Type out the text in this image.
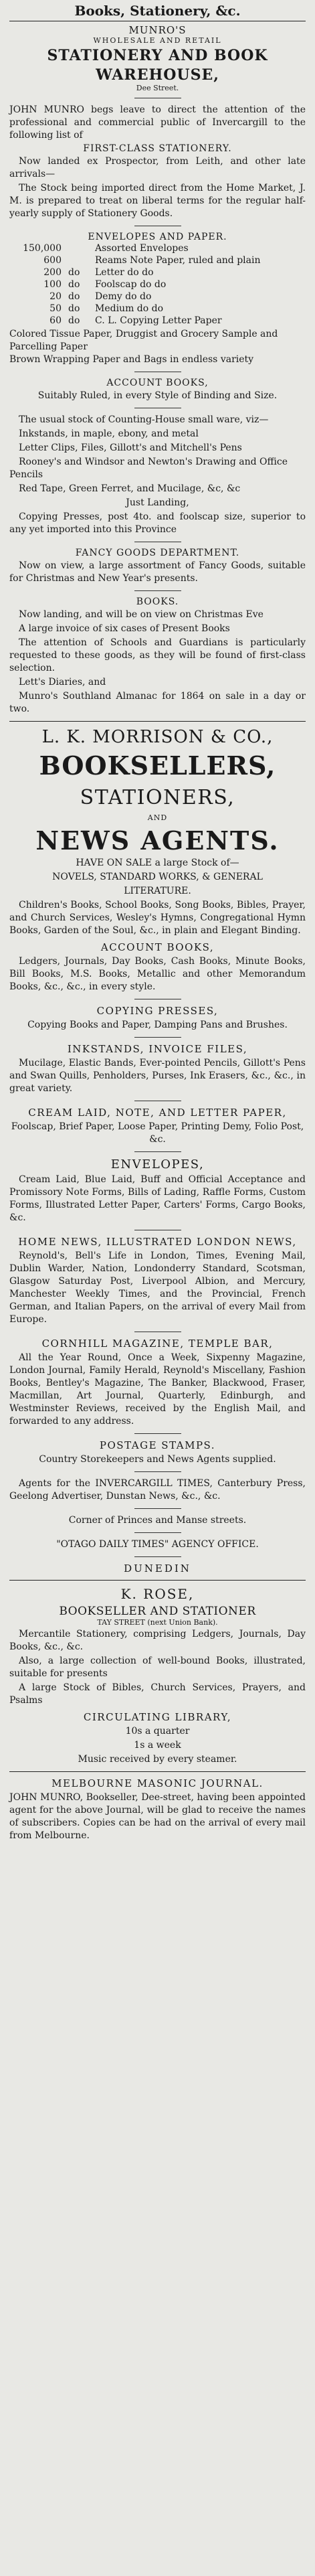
Books, Stationery, &c.
MUNRO'S
WHOLESALE AND RETAIL
STATIONERY AND BOOK
WAREHOUSE,
Dee Street.

JOHN MUNRO begs leave to direct the attention of the professional and commercial public of Invercargill to the following list of

FIRST-CLASS STATIONERY.

Now landed ex Prospector, from Leith, and other late arrivals—

The Stock being imported direct from the Home Market, J. M. is prepared to treat on liberal terms for the regular half-yearly supply of Stationery Goods.

ENVELOPES AND PAPER.
150,000	Assorted Envelopes
600	Reams Note Paper, ruled and plain
200 do	Letter do do
100 do	Foolscap do do
20 do	Demy do do
50 do	Medium do do
60 do	C. L. Copying Letter Paper

Colored Tissue Paper, Druggist and Grocery Sample and Parcelling Paper
Brown Wrapping Paper and Bags in endless variety

ACCOUNT BOOKS,

Suitably Ruled, in every Style of Binding and Size.

The usual stock of Counting-House small ware, viz—

Inkstands, in maple, ebony, and metal

Letter Clips, Files, Gillott's and Mitchell's Pens

Rooney's and Windsor and Newton's Drawing and Office Pencils

Red Tape, Green Ferret, and Mucilage, &c, &c

Just Landing,

Copying Presses, post 4to. and foolscap size, superior to any yet imported into this Province

FANCY GOODS DEPARTMENT.

Now on view, a large assortment of Fancy Goods, suitable for Christmas and New Year's presents.

BOOKS.

Now landing, and will be on view on Christmas Eve

A large invoice of six cases of Present Books

The attention of Schools and Guardians is particularly requested to these goods, as they will be found of first-class selection.

Lett's Diaries, and

Munro's Southland Almanac for 1864 on sale in a day or two.

L. K. MORRISON & CO.,
BOOKSELLERS,
STATIONERS,
AND
NEWS AGENTS.

HAVE ON SALE a large Stock of—

NOVELS, STANDARD WORKS, & GENERAL

LITERATURE.

Children's Books, School Books, Song Books, Bibles, Prayer, and Church Services, Wesley's Hymns, Congregational Hymn Books, Garden of the Soul, &c., in plain and Elegant Binding.

ACCOUNT BOOKS,

Ledgers, Journals, Day Books, Cash Books, Minute Books, Bill Books, M.S. Books, Metallic and other Memorandum Books, &c., &c., in every style.

COPYING PRESSES,

Copying Books and Paper, Damping Pans and Brushes.

INKSTANDS, INVOICE FILES,

Mucilage, Elastic Bands, Ever-pointed Pencils, Gillott's Pens and Swan Quills, Penholders, Purses, Ink Erasers, &c., &c., in great variety.

CREAM LAID, NOTE, AND LETTER PAPER,

Foolscap, Brief Paper, Loose Paper, Printing Demy, Folio Post, &c.

ENVELOPES,

Cream Laid, Blue Laid, Buff and Official Acceptance and Promissory Note Forms, Bills of Lading, Raffle Forms, Custom Forms, Illustrated Letter Paper, Carters' Forms, Cargo Books, &c.

HOME NEWS, ILLUSTRATED LONDON NEWS,

Reynold's, Bell's Life in London, Times, Evening Mail, Dublin Warder, Nation, Londonderry Standard, Scotsman, Glasgow Saturday Post, Liverpool Albion, and Mercury, Manchester Weekly Times, and the Provincial, French German, and Italian Papers, on the arrival of every Mail from Europe.

CORNHILL MAGAZINE, TEMPLE BAR,

All the Year Round, Once a Week, Sixpenny Magazine, London Journal, Family Herald, Reynold's Miscellany, Fashion Books, Bentley's Magazine, The Banker, Blackwood, Fraser, Macmillan, Art Journal, Quarterly, Edinburgh, and Westminster Reviews, received by the English Mail, and forwarded to any address.

POSTAGE STAMPS.

Country Storekeepers and News Agents supplied.

Agents for the INVERCARGILL TIMES, Canterbury Press, Geelong Advertiser, Dunstan News, &c., &c.

Corner of Princes and Manse streets.

"OTAGO DAILY TIMES" AGENCY OFFICE.

DUNEDIN
K. ROSE,
BOOKSELLER AND STATIONER
TAY STREET (next Union Bank).

Mercantile Stationery, comprising Ledgers, Journals, Day Books, &c., &c.

Also, a large collection of well-bound Books, illustrated, suitable for presents

A large Stock of Bibles, Church Services, Prayers, and Psalms

CIRCULATING LIBRARY,

10s a quarter

1s a week

Music received by every steamer.

MELBOURNE MASONIC JOURNAL.

JOHN MUNRO, Bookseller, Dee-street, having been appointed agent for the above Journal, will be glad to receive the names of subscribers. Copies can be had on the arrival of every mail from Melbourne.
